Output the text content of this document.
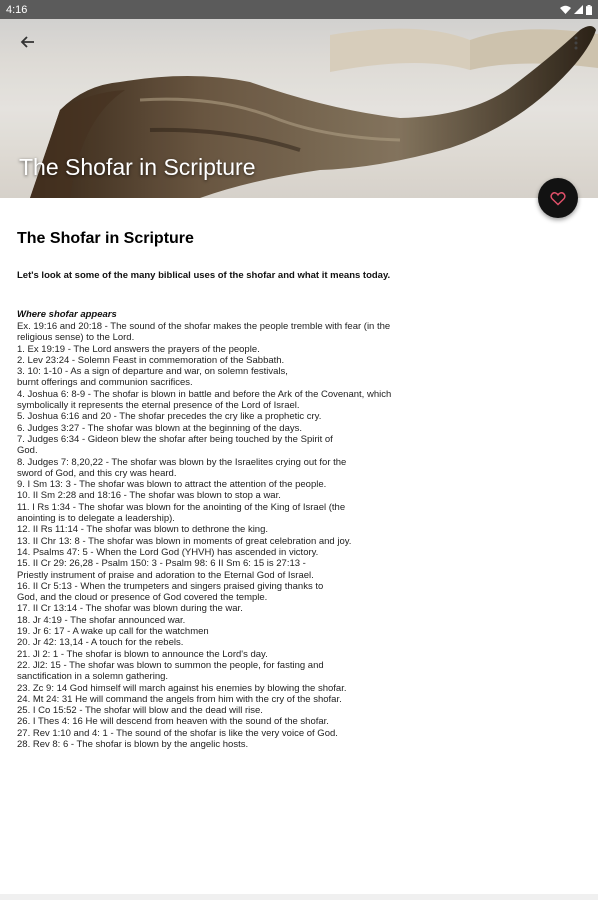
The Shofar in Scripture
4:16
The Shofar in Scripture

Let's look at some of the many biblical uses of the shofar and what it means today.

Where shofar appears

Ex. 19:16 and 20:18 - The sound of the shofar makes the people tremble with fear (in the
religious sense) to the Lord.
1. Ex 19:19 - The Lord answers the prayers of the people.
2. Lev 23:24 - Solemn Feast in commemoration of the Sabbath.
3. 10: 1-10 - As a sign of departure and war, on solemn festivals,
burnt offerings and communion sacrifices.
4. Joshua 6: 8-9 - The shofar is blown in battle and before the Ark of the Covenant, which
symbolically it represents the eternal presence of the Lord of Israel.
5. Joshua 6:16 and 20 - The shofar precedes the cry like a prophetic cry.
6. Judges 3:27 - The shofar was blown at the beginning of the days.
7. Judges 6:34 - Gideon blew the shofar after being touched by the Spirit of
God.
8. Judges 7: 8,20,22 - The shofar was blown by the Israelites crying out for the
sword of God, and this cry was heard.
9. I Sm 13: 3 - The shofar was blown to attract the attention of the people.
10. II Sm 2:28 and 18:16 - The shofar was blown to stop a war.
11. I Rs 1:34 - The shofar was blown for the anointing of the King of Israel (the
anointing is to delegate a leadership).
12. II Rs 11:14 - The shofar was blown to dethrone the king.
13. II Chr 13: 8 - The shofar was blown in moments of great celebration and joy.
14. Psalms 47: 5 - When the Lord God (YHVH) has ascended in victory.
15. II Cr 29: 26,28 - Psalm 150: 3 - Psalm 98: 6 II Sm 6: 15 is 27:13 -
Priestly instrument of praise and adoration to the Eternal God of Israel.
16. II Cr 5:13 - When the trumpeters and singers praised giving thanks to
God, and the cloud or presence of God covered the temple.
17. II Cr 13:14 - The shofar was blown during the war.
18. Jr 4:19 - The shofar announced war.
19. Jr 6: 17 - A wake up call for the watchmen
20. Jr 42: 13,14 - A touch for the rebels.
21. Jl 2: 1 - The shofar is blown to announce the Lord's day.
22. Jl2: 15 - The shofar was blown to summon the people, for fasting and
sanctification in a solemn gathering.
23. Zc 9: 14 God himself will march against his enemies by blowing the shofar.
24. Mt 24: 31 He will command the angels from him with the cry of the shofar.
25. I Co 15:52 - The shofar will blow and the dead will rise.
26. I Thes 4: 16 He will descend from heaven with the sound of the shofar.
27. Rev 1:10 and 4: 1 - The sound of the shofar is like the very voice of God.
28. Rev 8: 6 - The shofar is blown by the angelic hosts.
